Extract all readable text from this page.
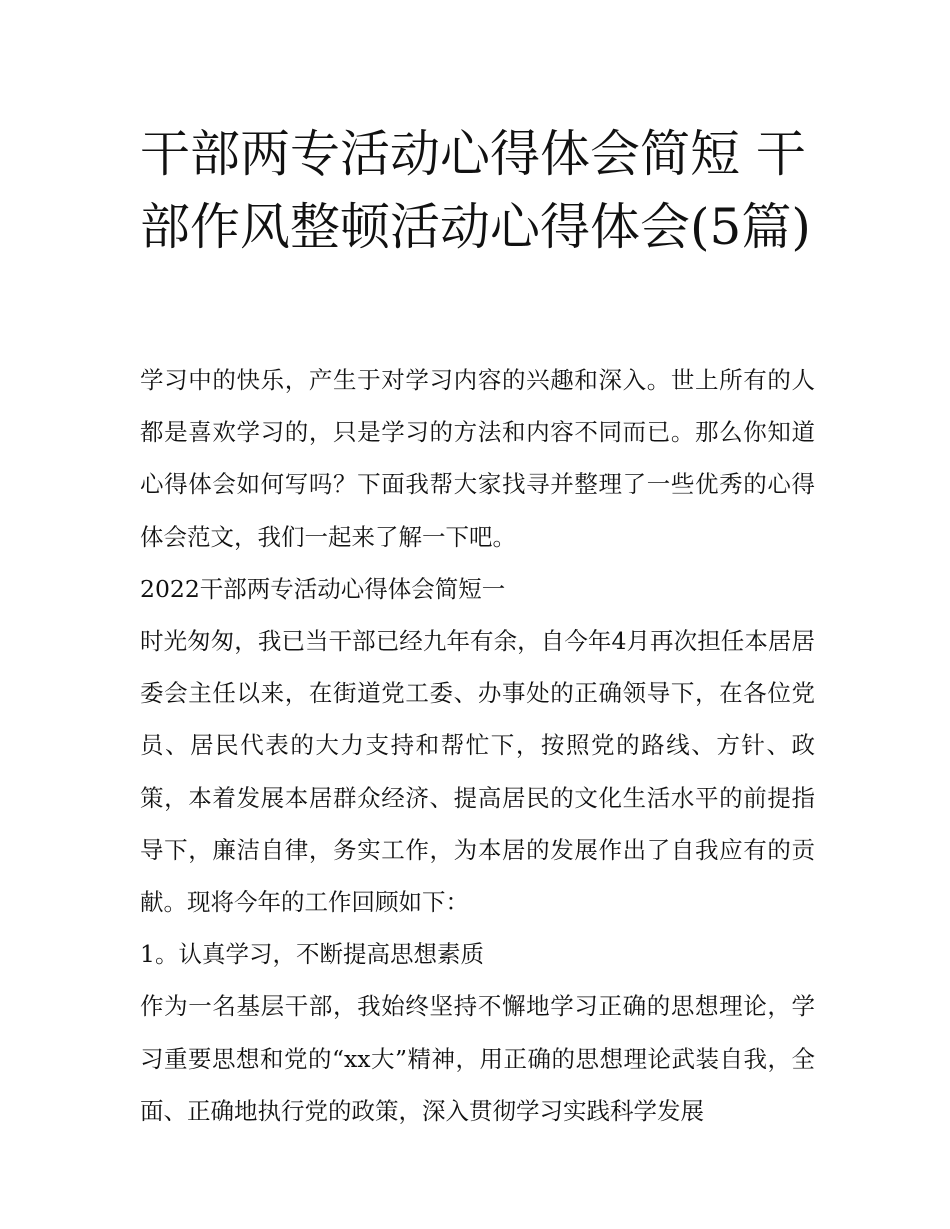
干部两专活动心得体会简短 干部作风整顿活动心得体会(5篇)

学习中的快乐，产生于对学习内容的兴趣和深入。世上所有的人都是喜欢学习的，只是学习的方法和内容不同而已。那么你知道心得体会如何写吗？下面我帮大家找寻并整理了一些优秀的心得体会范文，我们一起来了解一下吧。

2022干部两专活动心得体会简短一

时光匆匆，我已当干部已经九年有余，自今年4月再次担任本居居委会主任以来，在街道党工委、办事处的正确领导下，在各位党员、居民代表的大力支持和帮忙下，按照党的路线、方针、政策，本着发展本居群众经济、提高居民的文化生活水平的前提指导下，廉洁自律，务实工作，为本居的发展作出了自我应有的贡献。现将今年的工作回顾如下：

1。认真学习，不断提高思想素质

作为一名基层干部，我始终坚持不懈地学习正确的思想理论，学习重要思想和党的“xx大”精神，用正确的思想理论武装自我，全面、正确地执行党的政策，深入贯彻学习实践科学发展
